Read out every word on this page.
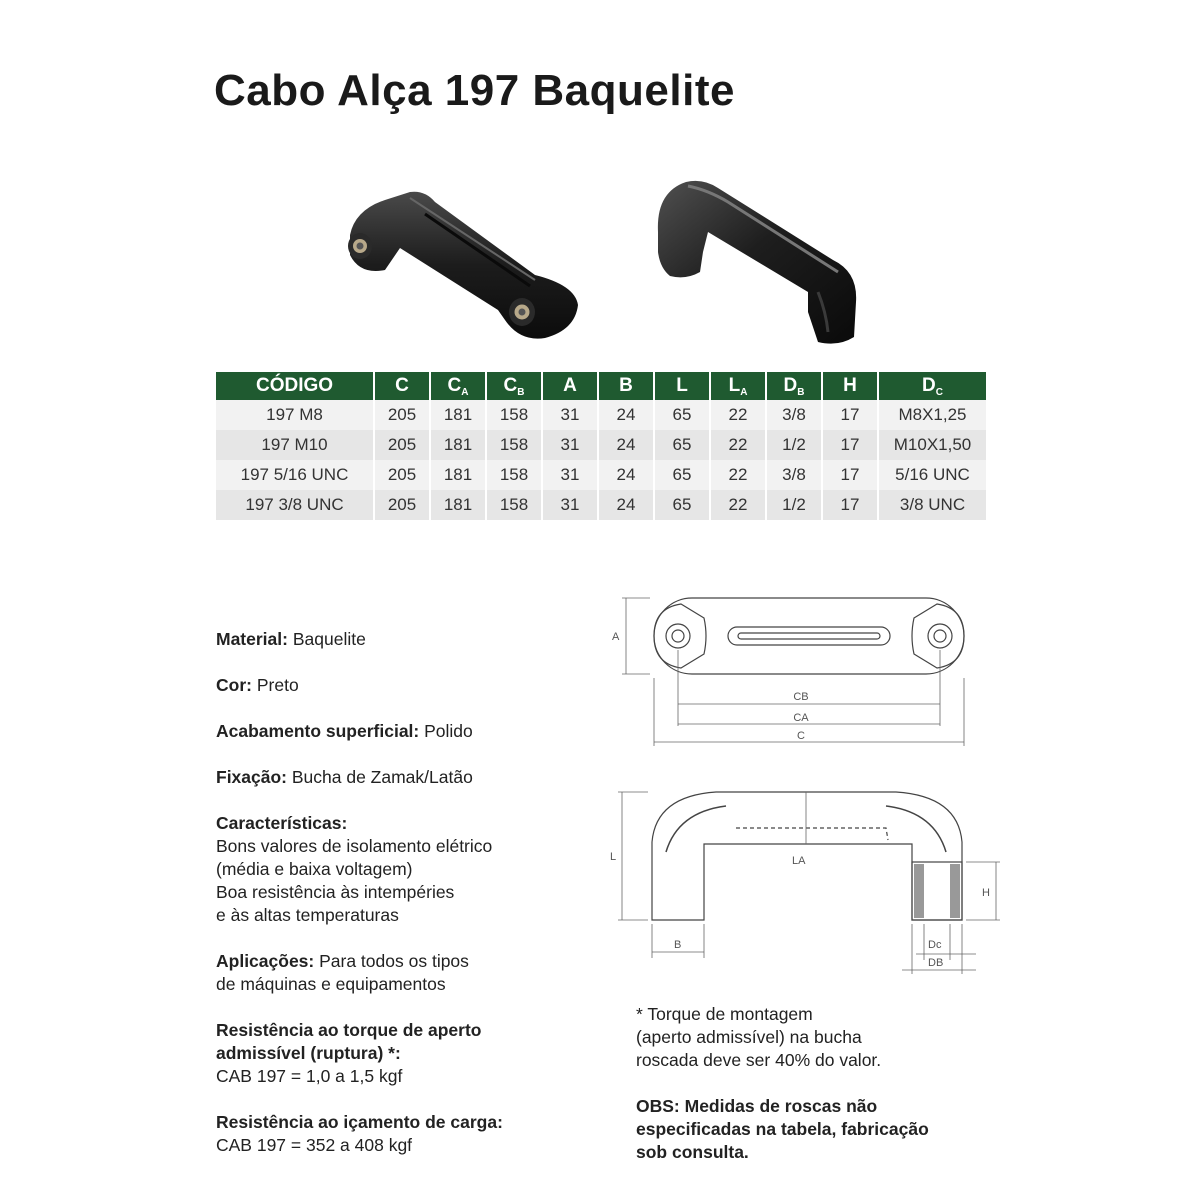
Cabo Alça 197 Baquelite
CÓDIGO	C	$C_A$	$C_B$	A	B	L	$L_A$	$D_B$	H	$D_C$
197 M8	205	181	158	31	24	65	22	3/8	17	M8X1,25
197 M10	205	181	158	31	24	65	22	1/2	17	M10X1,50
197 5/16 UNC	205	181	158	31	24	65	22	3/8	17	5/16 UNC
197 3/8 UNC	205	181	158	31	24	65	22	1/2	17	3/8 UNC

Material: Baquelite

Cor: Preto

Acabamento superficial: Polido

Fixação: Bucha de Zamak/Latão

Características:
Bons valores de isolamento elétrico
(média e baixa voltagem)
Boa resistência às intempéries
e às altas temperaturas

Aplicações: Para todos os tipos
de máquinas e equipamentos

Resistência ao torque de aperto
admissível (ruptura) *:
CAB 197 = 1,0 a 1,5 kgf

Resistência ao içamento de carga:
CAB 197 = 352 a 408 kgf

A
CB
CA
C
L	LA
H
B	Dc
DB

* Torque de montagem
(aperto admissível) na bucha
roscada deve ser 40% do valor.

OBS: Medidas de roscas não
especificadas na tabela, fabricação
sob consulta.
